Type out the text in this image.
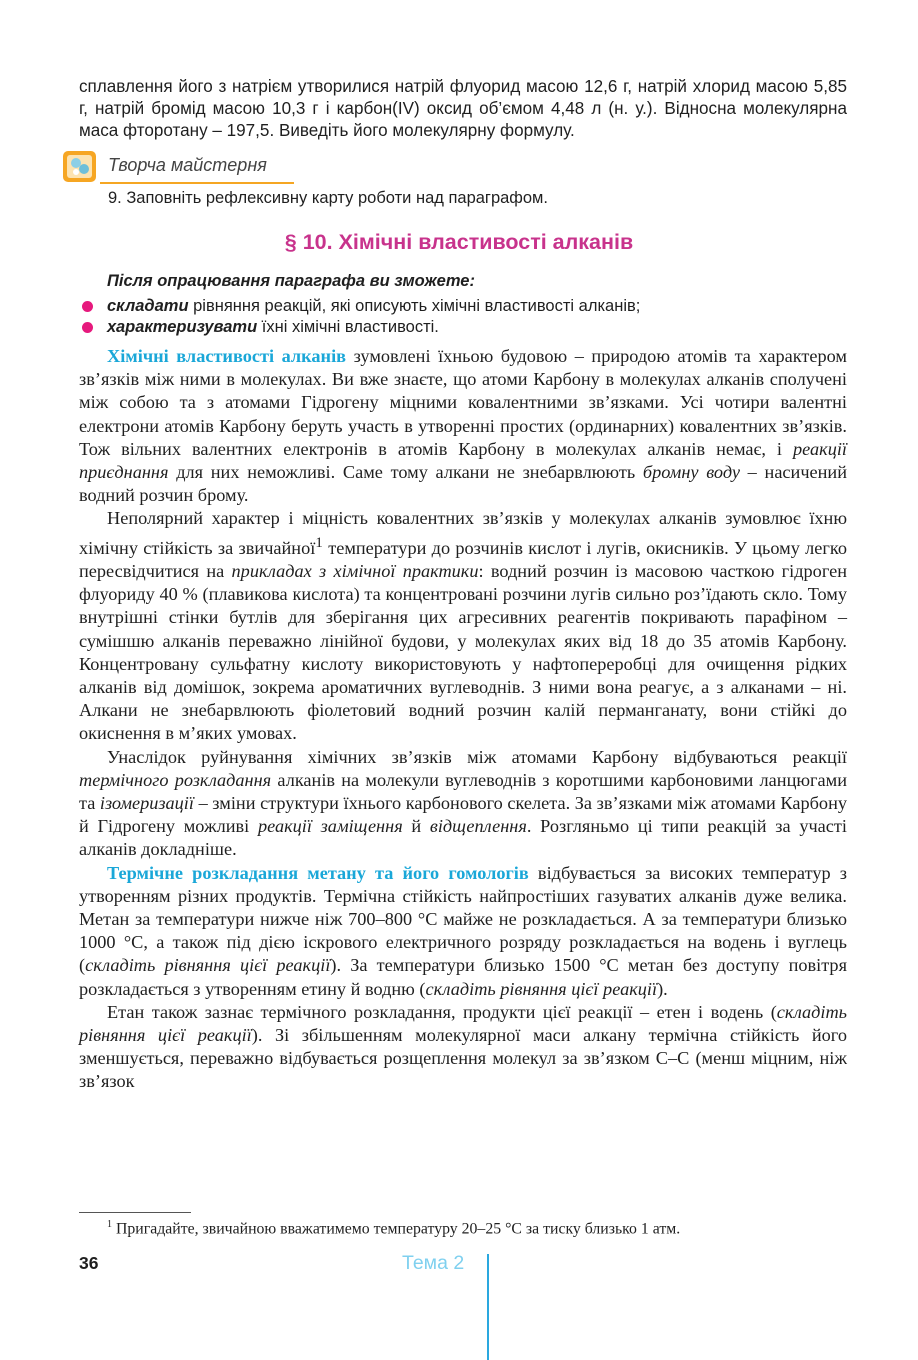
сплавлення його з натрієм утворилися натрій флуорид масою 12,6 г, натрій хлорид масою 5,85 г, натрій бромід масою 10,3 г і карбон(IV) оксид об’ємом 4,48 л (н. у.). Відносна молекулярна маса фторотану – 197,5. Виведіть його молекулярну формулу.
Творча майстерня
9. Заповніть рефлексивну карту роботи над параграфом.
§ 10. Хімічні властивості алканів
Після опрацювання параграфа ви зможете:
складати рівняння реакцій, які описують хімічні властивості алканів;
характеризувати їхні хімічні властивості.

Хімічні властивості алканів зумовлені їхньою будовою – природою атомів та характером зв’язків між ними в молекулах. Ви вже знаєте, що атоми Карбону в молекулах алканів сполучені між собою та з атомами Гідрогену міцними ковалентними зв’язками. Усі чотири валентні електрони атомів Карбону беруть участь в утворенні простих (ординарних) ковалентних зв’язків. Тож вільних валентних електронів в атомів Карбону в молекулах алканів немає, і реакції приєднання для них неможливі. Саме тому алкани не знебарвлюють бромну воду – насичений водний розчин брому.

Неполярний характер і міцність ковалентних зв’язків у молекулах алканів зумовлює їхню хімічну стійкість за звичайної$^1$ температури до розчинів кислот і лугів, окисників. У цьому легко пересвідчитися на прикладах з хімічної практики: водний розчин із масовою часткою гідроген флуориду 40 % (плавикова кислота) та концентровані розчини лугів сильно роз’їдають скло. Тому внутрішні стінки бутлів для зберігання цих агресивних реагентів покривають парафіном – сумішшю алканів переважно лінійної будови, у молекулах яких від 18 до 35 атомів Карбону. Концентровану сульфатну кислоту використовують у нафтопереробці для очищення рідких алканів від домішок, зокрема ароматичних вуглеводнів. З ними вона реагує, а з алканами – ні. Алкани не знебарвлюють фіолетовий водний розчин калій перманганату, вони стійкі до окиснення в м’яких умовах.

Унаслідок руйнування хімічних зв’язків між атомами Карбону відбуваються реакції термічного розкладання алканів на молекули вуглеводнів з коротшими карбоновими ланцюгами та ізомеризації – зміни структури їхнього карбонового скелета. За зв’язками між атомами Карбону й Гідрогену можливі реакції заміщення й відщеплення. Розгляньмо ці типи реакцій за участі алканів докладніше.

Термічне розкладання метану та його гомологів відбувається за високих температур з утворенням різних продуктів. Термічна стійкість найпростіших газуватих алканів дуже велика. Метан за температури нижче ніж 700–800 °С майже не розкладається. А за температури близько 1000 °С, а також під дією іскрового електричного розряду розкладається на водень і вуглець (складіть рівняння цієї реакції). За температури близько 1500 °С метан без доступу повітря розкладається з утворенням етину й водню (складіть рівняння цієї реакції).

Етан також зазнає термічного розкладання, продукти цієї реакції – етен і водень (складіть рівняння цієї реакції). Зі збільшенням молекулярної маси алкану термічна стійкість його зменшується, переважно відбувається розщеплення молекул за зв’язком С–С (менш міцним, ніж зв’язок

$^1$ Пригадайте, звичайною вважатимемо температуру 20–25 °С за тиску близько 1 атм.
36	Тема 2
